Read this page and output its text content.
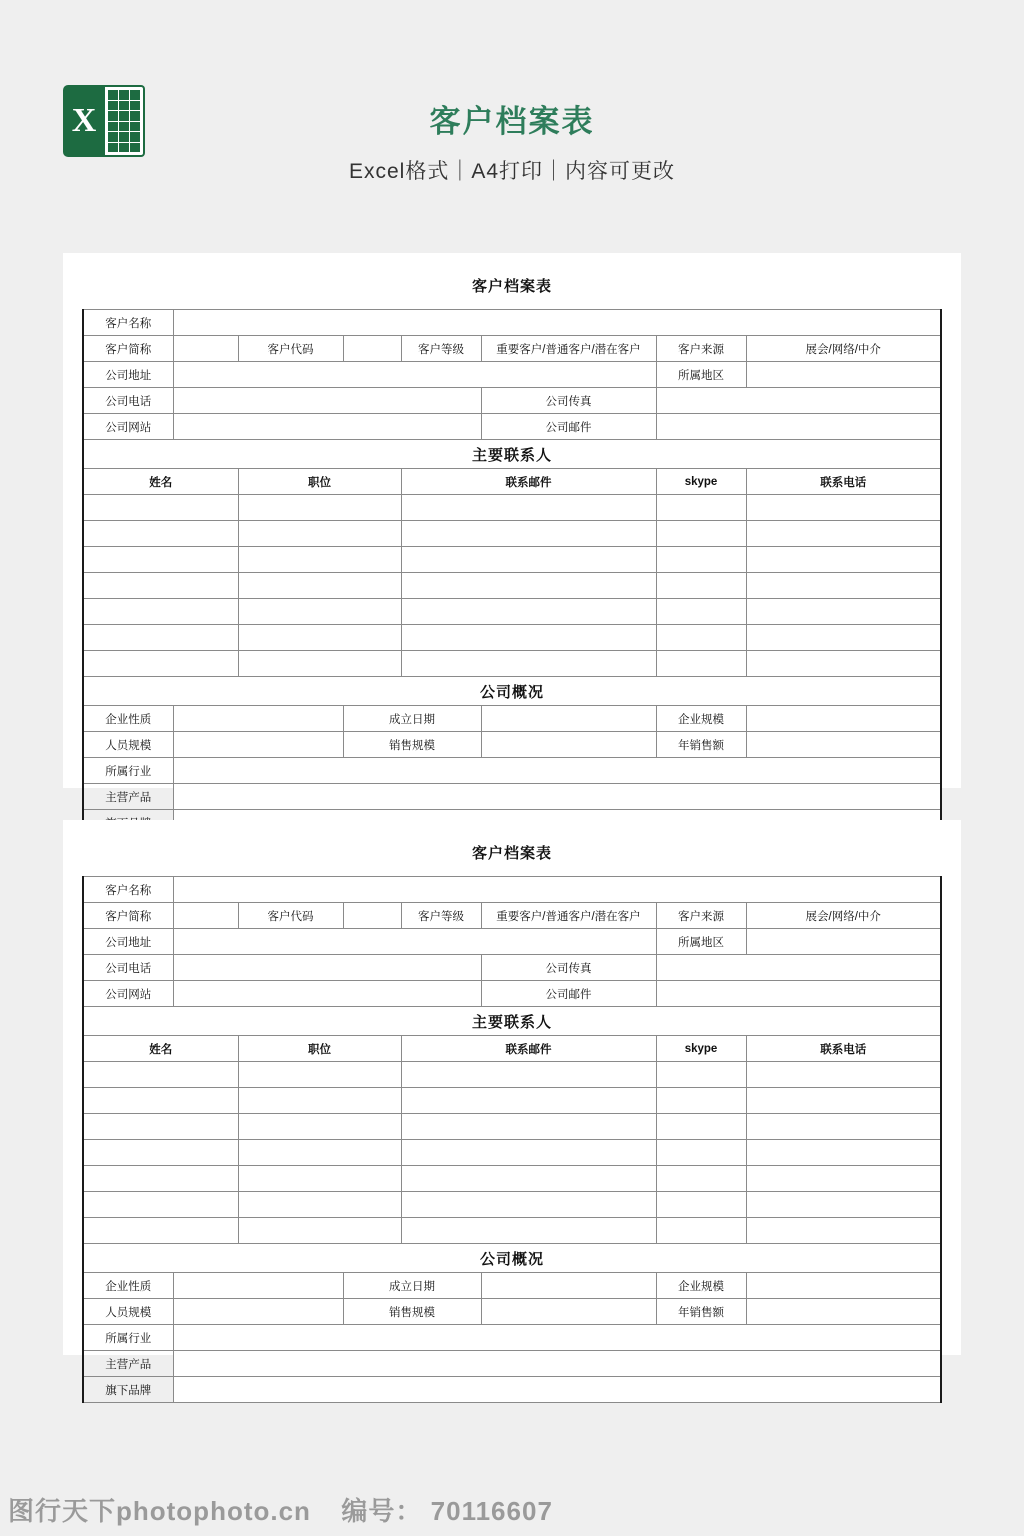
X	客户档案表
Excel格式｜A4打印｜内容可更改
客户档案表
客户名称							
客户简称		客户代码		客户等级	重要客户/普通客户/潜在客户	客户来源	展会/网络/中介
公司地址						所属地区	
公司电话					公司传真		
公司网站					公司邮件		
主要联系人							
姓名		职位		联系邮件		skype	联系电话

公司概况							
企业性质			成立日期			企业规模	
人员规模			销售规模			年销售额	
所属行业							
主营产品							

客户档案表
客户名称							
客户简称		客户代码		客户等级	重要客户/普通客户/潜在客户	客户来源	展会/网络/中介
公司地址						所属地区	
公司电话					公司传真		
公司网站					公司邮件		
主要联系人							
姓名		职位		联系邮件		skype	联系电话

公司概况							
企业性质			成立日期			企业规模	
人员规模			销售规模			年销售额	
所属行业							
主营产品							
旗下品牌							
图行天下photophoto.cn 编号： 70116607
